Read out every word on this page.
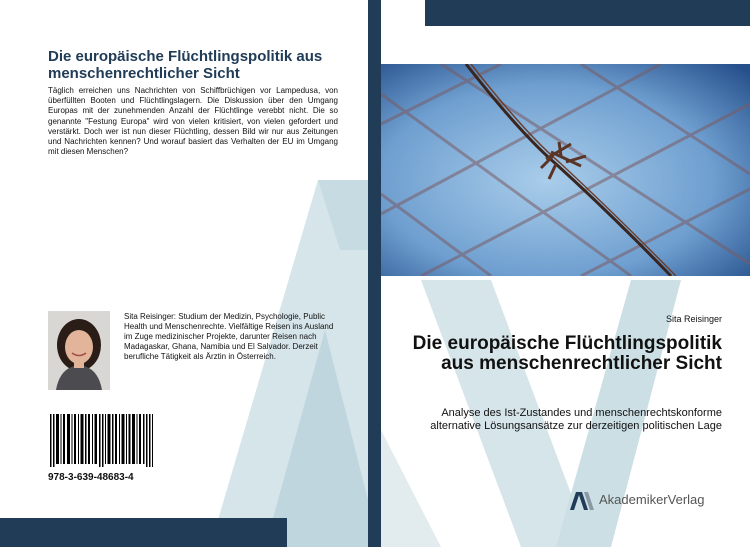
Die europäische Flüchtlingspolitik aus menschenrechtlicher Sicht
Täglich erreichen uns Nachrichten von Schiffbrüchigen vor Lampedusa, von überfüllten Booten und Flüchtlingslagern. Die Diskussion über den Umgang Europas mit der zunehmenden Anzahl der Flüchtlinge verebbt nicht. Die so genannte "Festung Europa" wird von vielen kritisiert, von vielen gefordert und verstärkt. Doch wer ist nun dieser Flüchtling, dessen Bild wir nur aus Zeitungen und Nachrichten kennen? Und worauf basiert das Verhalten der EU im Umgang mit diesen Menschen?
Sita Reisinger: Studium der Medizin, Psychologie, Public Health und Menschenrechte. Vielfältige Reisen ins Ausland im Zuge medizinischer Projekte, darunter Reisen nach Madagaskar, Ghana, Namibia und El Salvador. Derzeit berufliche Tätigkeit als Ärztin in Österreich.
978-3-639-48683-4
Sita Reisinger
Die europäische Flüchtlingspolitik aus menschenrechtlicher Sicht
Analyse des Ist-Zustandes und menschenrechtskonforme alternative Lösungsansätze zur derzeitigen politischen Lage
AkademikerVerlag
